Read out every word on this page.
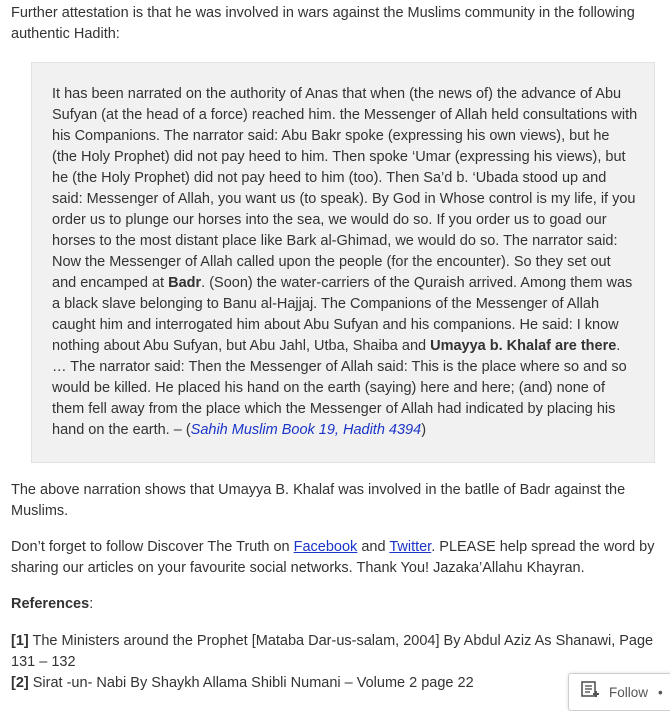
Further attestation is that he was involved in wars against the Muslims community in the following authentic Hadith:

It has been narrated on the authority of Anas that when (the news of) the advance of Abu Sufyan (at the head of a force) reached him. the Messenger of Allah held consultations with his Companions. The narrator said: Abu Bakr spoke (expressing his own views), but he (the Holy Prophet) did not pay heed to him. Then spoke ‘Umar (expressing his views), but he (the Holy Prophet) did not pay heed to him (too). Then Sa’d b. ‘Ubada stood up and said: Messenger of Allah, you want us (to speak). By God in Whose control is my life, if you order us to plunge our horses into the sea, we would do so. If you order us to goad our horses to the most distant place like Bark al-Ghimad, we would do so. The narrator said: Now the Messenger of Allah called upon the people (for the encounter). So they set out and encamped at Badr. (Soon) the water-carriers of the Quraish arrived. Among them was a black slave belonging to Banu al-Hajjaj. The Companions of the Messenger of Allah caught him and interrogated him about Abu Sufyan and his companions. He said: I know nothing about Abu Sufyan, but Abu Jahl, Utba, Shaiba and Umayya b. Khalaf are there. … The narrator said: Then the Messenger of Allah said: This is the place where so and so would be killed. He placed his hand on the earth (saying) here and here; (and) none of them fell away from the place which the Messenger of Allah had indicated by placing his hand on the earth. – (Sahih Muslim Book 19, Hadith 4394)

The above narration shows that Umayya B. Khalaf was involved in the batlle of Badr against the Muslims.

Don’t forget to follow Discover The Truth on Facebook and Twitter. PLEASE help spread the word by sharing our articles on your favourite social networks. Thank You! Jazaka’Allahu Khayran.

References:

[1] The Ministers around the Prophet [Mataba Dar-us-salam, 2004] By Abdul Aziz As Shanawi, Page 131 – 132

[2] Sirat -un- Nabi By Shaykh Allama Shibli Numani – Volume 2 page 22

Follow •
